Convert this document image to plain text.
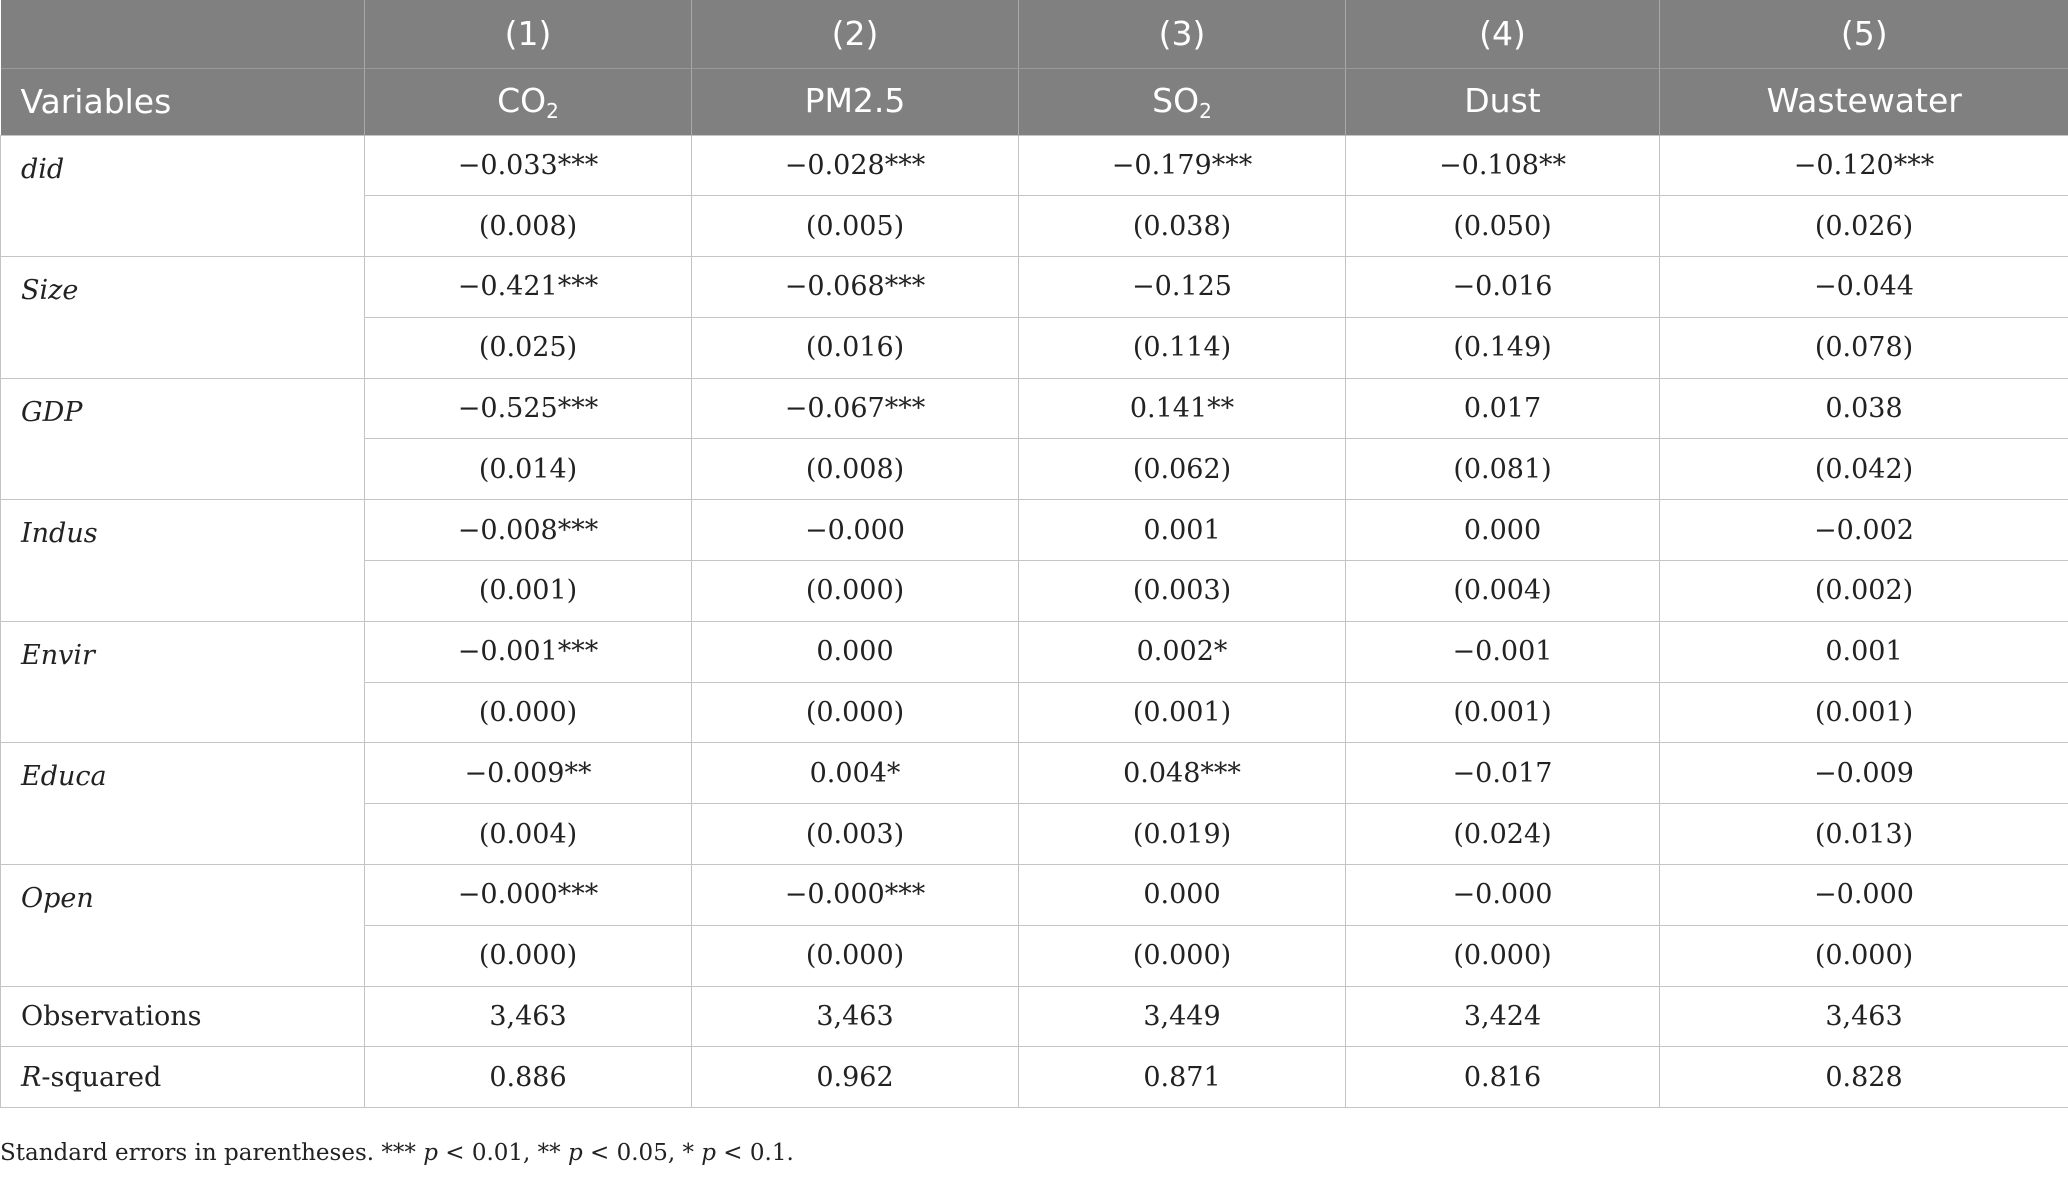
	(1)	(2)	(3)	(4)	(5)
Variables	$CO_2$	PM2.5	$SO_2$	Dust	Wastewater
did	−0.033***	−0.028***	−0.179***	−0.108**	−0.120***
	(0.008)	(0.005)	(0.038)	(0.050)	(0.026)
Size	−0.421***	−0.068***	−0.125	−0.016	−0.044
	(0.025)	(0.016)	(0.114)	(0.149)	(0.078)
GDP	−0.525***	−0.067***	0.141**	0.017	0.038
	(0.014)	(0.008)	(0.062)	(0.081)	(0.042)
Indus	−0.008***	−0.000	0.001	0.000	−0.002
	(0.001)	(0.000)	(0.003)	(0.004)	(0.002)
Envir	−0.001***	0.000	0.002*	−0.001	0.001
	(0.000)	(0.000)	(0.001)	(0.001)	(0.001)
Educa	−0.009**	0.004*	0.048***	−0.017	−0.009
	(0.004)	(0.003)	(0.019)	(0.024)	(0.013)
Open	−0.000***	−0.000***	0.000	−0.000	−0.000
	(0.000)	(0.000)	(0.000)	(0.000)	(0.000)
Observations	3,463	3,463	3,449	3,424	3,463
R-squared	0.886	0.962	0.871	0.816	0.828
Standard errors in parentheses. *** p < 0.01, ** p < 0.05, * p < 0.1.
